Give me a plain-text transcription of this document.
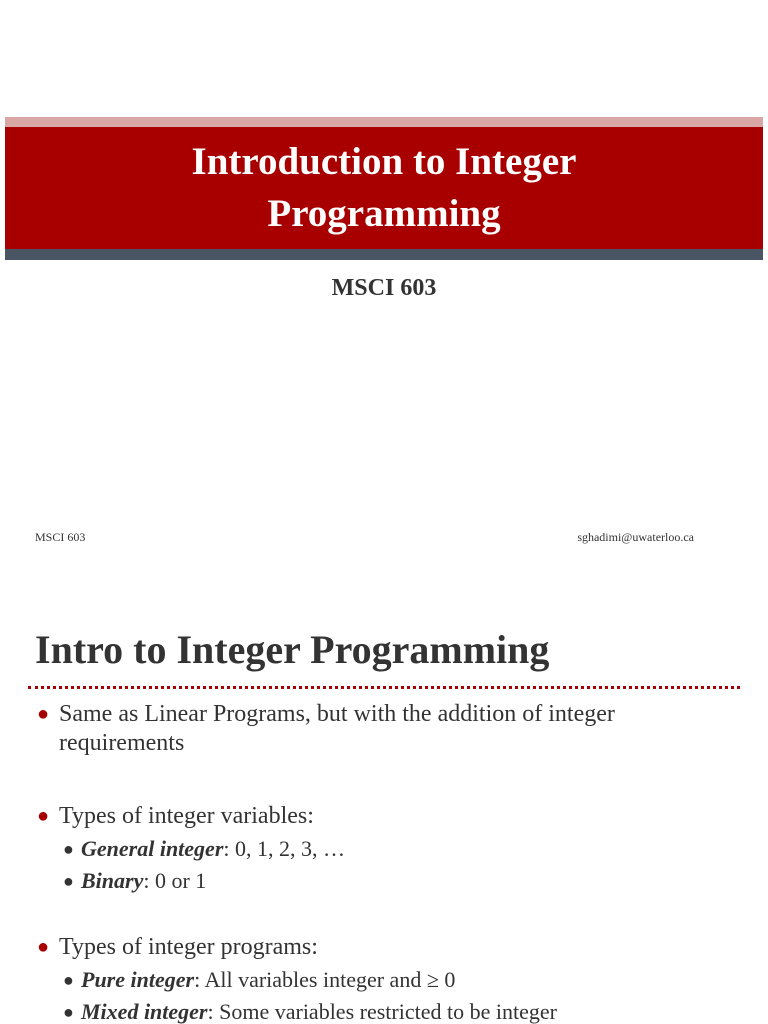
Introduction to Integer Programming

MSCI 603

MSCI 603	sghadimi@uwaterloo.ca
Intro to Integer Programming
● Same as Linear Programs, but with the addition of integer requirements
● Types of integer variables:
● General integer: 0, 1, 2, 3, …
● Binary: 0 or 1
● Types of integer programs:
● Pure integer: All variables integer and ≥ 0
● Mixed integer: Some variables restricted to be integer
